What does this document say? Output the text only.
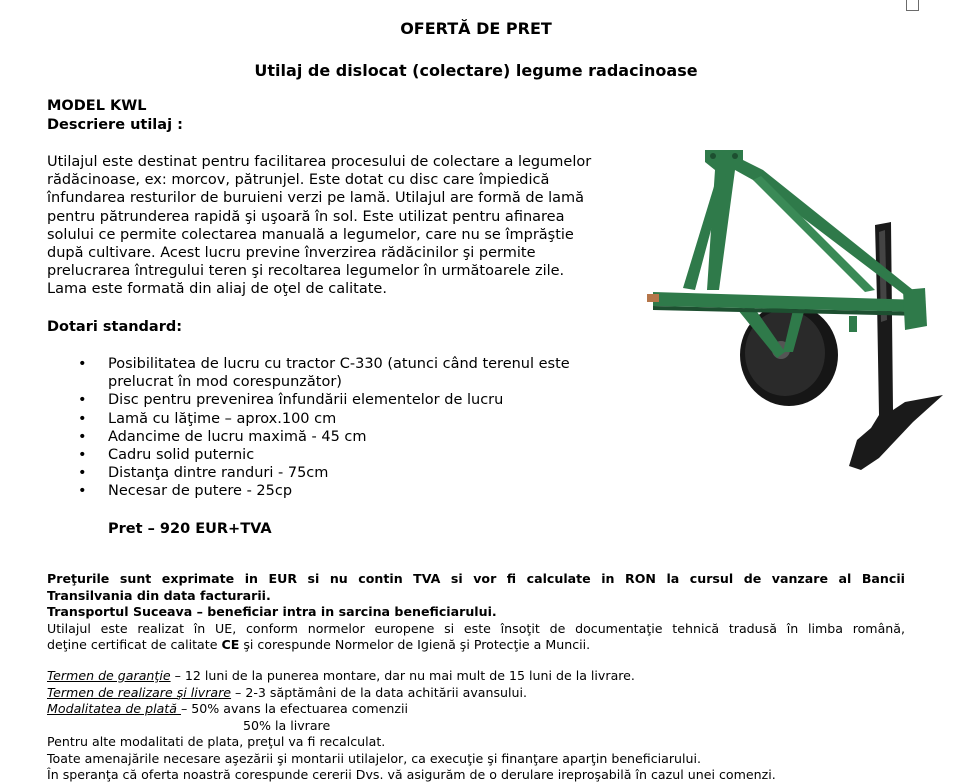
OFERTĂ DE PRET
Utilaj de dislocat (colectare) legume radacinoase
MODEL KWL
Descriere utilaj :
Utilajul este destinat pentru facilitarea procesului de colectare a legumelor
rădăcinoase, ex: morcov, pătrunjel. Este dotat cu disc care împiedică
înfundarea resturilor de buruieni verzi pe lamă. Utilajul are formă de lamă
pentru pătrunderea rapidă şi uşoară în sol. Este utilizat pentru afinarea
solului ce permite colectarea manuală a legumelor, care nu se împrăştie
după cultivare. Acest lucru previne înverzirea rădăcinilor şi permite
prelucrarea întregului teren şi recoltarea legumelor în următoarele zile.
Lama este formată din aliaj de oţel de calitate.
Dotari standard:
• Posibilitatea de lucru cu tractor C-330 (atunci când terenul este
prelucrat în mod corespunzător)
• Disc pentru prevenirea înfundării elementelor de lucru
• Lamă cu lăţime – aprox.100 cm
• Adancime de lucru maximă - 45 cm
• Cadru solid puternic
• Distanţa dintre randuri - 75cm
• Necesar de putere - 25cp
Pret – 920 EUR+TVA
Preţurile sunt exprimate in EUR si nu contin TVA si vor fi calculate in RON la cursul de vanzare al Bancii
Transilvania din data facturarii.
Transportul Suceava – beneficiar intra in sarcina beneficiarului.
Utilajul este realizat în UE, conform normelor europene si este însoţit de documentaţie tehnică tradusă în limba română,
deţine certificat de calitate CE şi corespunde Normelor de Igienă şi Protecţie a Muncii.
Termen de garanţie – 12 luni de la punerea montare, dar nu mai mult de 15 luni de la livrare.
Termen de realizare şi livrare – 2-3 săptămâni de la data achitării avansului.
Modalitatea de plată – 50% avans la efectuarea comenzii
50% la livrare
Pentru alte modalitati de plata, preţul va fi recalculat.
Toate amenajările necesare aşezării şi montarii utilajelor, ca execuţie şi finanţare aparţin beneficiarului.
În speranţa că oferta noastră corespunde cererii Dvs. vă asigurăm de o derulare ireproşabilă în cazul unei comenzi.
